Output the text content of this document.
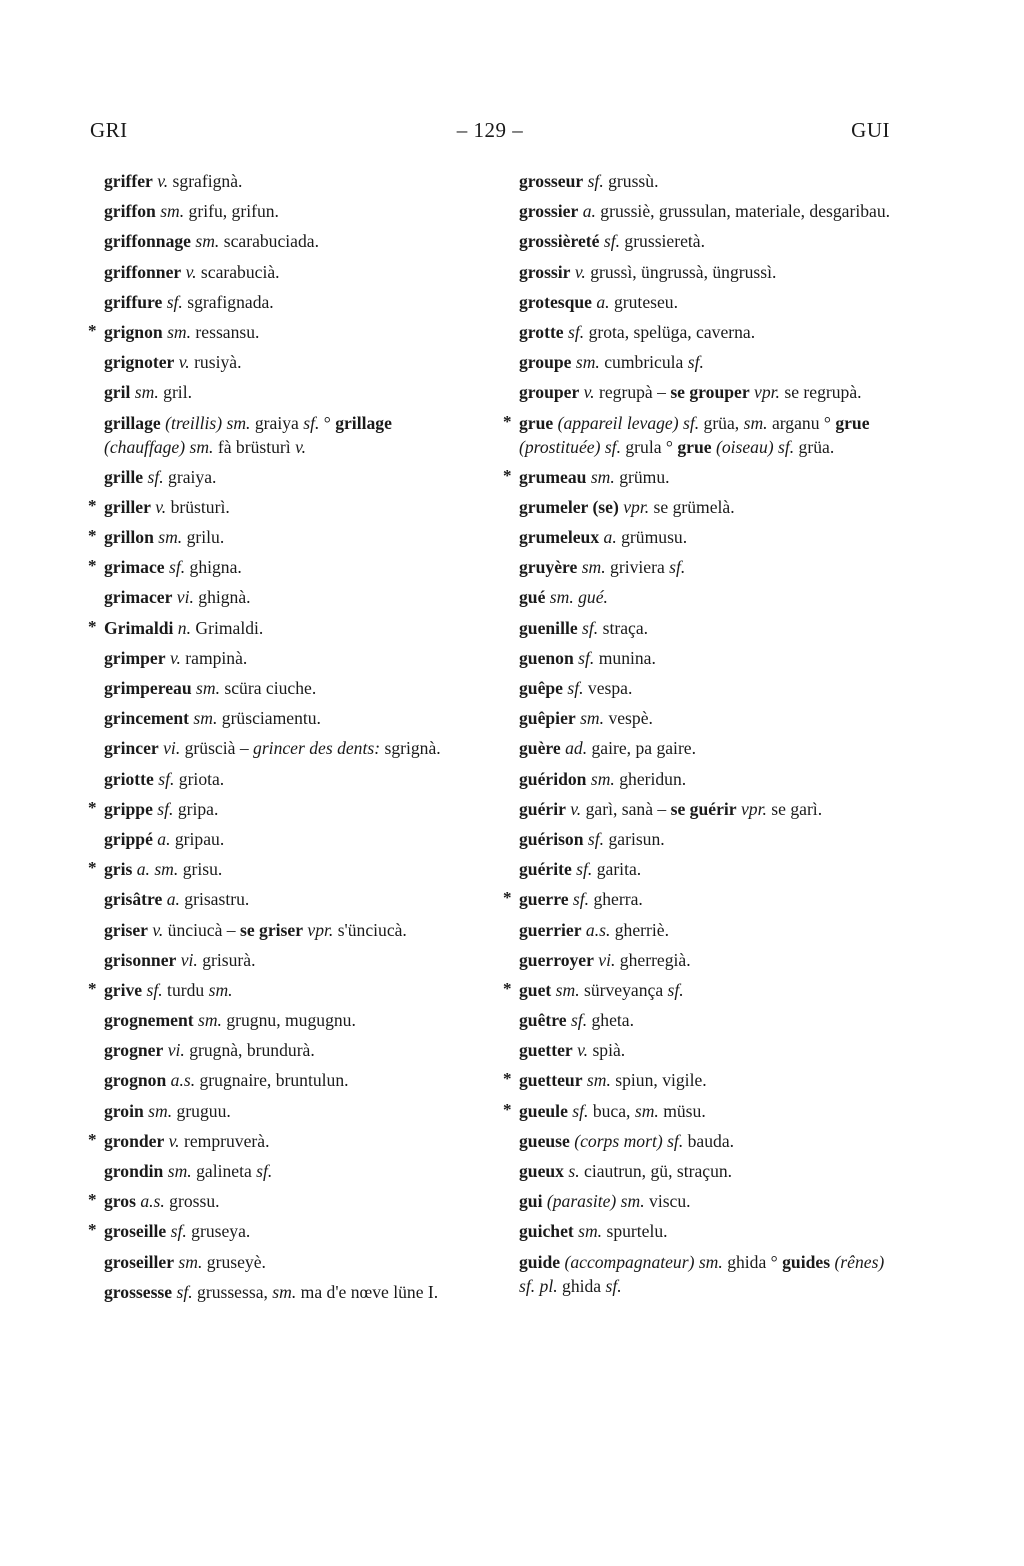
GRI	– 129 –	GUI
griffer v. sgrafignà.
griffon sm. grifu, grifun.
griffonnage sm. scarabuciada.
griffonner v. scarabucià.
griffure sf. sgrafignada.
* grignon sm. ressansu.
grignoter v. rusiyà.
gril sm. gril.
grillage (treillis) sm. graiya sf. ° grillage (chauffage) sm. fà brüsturì v.
grille sf. graiya.
* griller v. brüsturì.
* grillon sm. grilu.
* grimace sf. ghigna.
grimacer vi. ghignà.
* Grimaldi n. Grimaldi.
grimper v. rampinà.
grimpereau sm. scüra ciuche.
grincement sm. grüsciamentu.
grincer vi. grüscià – grincer des dents: sgrignà.
griotte sf. griota.
* grippe sf. gripa.
grippé a. gripau.
* gris a. sm. grisu.
grisâtre a. grisastru.
griser v. ünciucà – se griser vpr. s'ünciucà.
grisonner vi. grisurà.
* grive sf. turdu sm.
grognement sm. grugnu, mugugnu.
grogner vi. grugnà, brundurà.
grognon a.s. grugnaire, bruntulun.
groin sm. gruguu.
* gronder v. rempruverà.
grondin sm. galineta sf.
* gros a.s. grossu.
* groseille sf. gruseya.
groseiller sm. gruseyè.
grossesse sf. grussessa, sm. ma d'e nœve lüne I.
grosseur sf. grussù.
grossier a. grussiè, grussulan, materiale, desgaribau.
grossièreté sf. grussieretà.
grossir v. grussì, üngrussà, üngrussì.
grotesque a. gruteseu.
grotte sf. grota, spelüga, caverna.
groupe sm. cumbricula sf.
grouper v. regrupà – se grouper vpr. se regrupà.
* grue (appareil levage) sf. grüa, sm. arganu ° grue (prostituée) sf. grula ° grue (oiseau) sf. grüa.
* grumeau sm. grümu.
grumeler (se) vpr. se grümelà.
grumeleux a. grümusu.
gruyère sm. griviera sf.
gué sm. gué.
guenille sf. straça.
guenon sf. munina.
guêpe sf. vespa.
guêpier sm. vespè.
guère ad. gaire, pa gaire.
guéridon sm. gheridun.
guérir v. garì, sanà – se guérir vpr. se garì.
guérison sf. garisun.
guérite sf. garita.
* guerre sf. gherra.
guerrier a.s. gherriè.
guerroyer vi. gherregià.
* guet sm. sürveyança sf.
guêtre sf. gheta.
guetter v. spià.
* guetteur sm. spiun, vigile.
* gueule sf. buca, sm. müsu.
gueuse (corps mort) sf. bauda.
gueux s. ciautrun, gü, straçun.
gui (parasite) sm. viscu.
guichet sm. spurtelu.
guide (accompagnateur) sm. ghida ° guides (rênes) sf. pl. ghida sf.
